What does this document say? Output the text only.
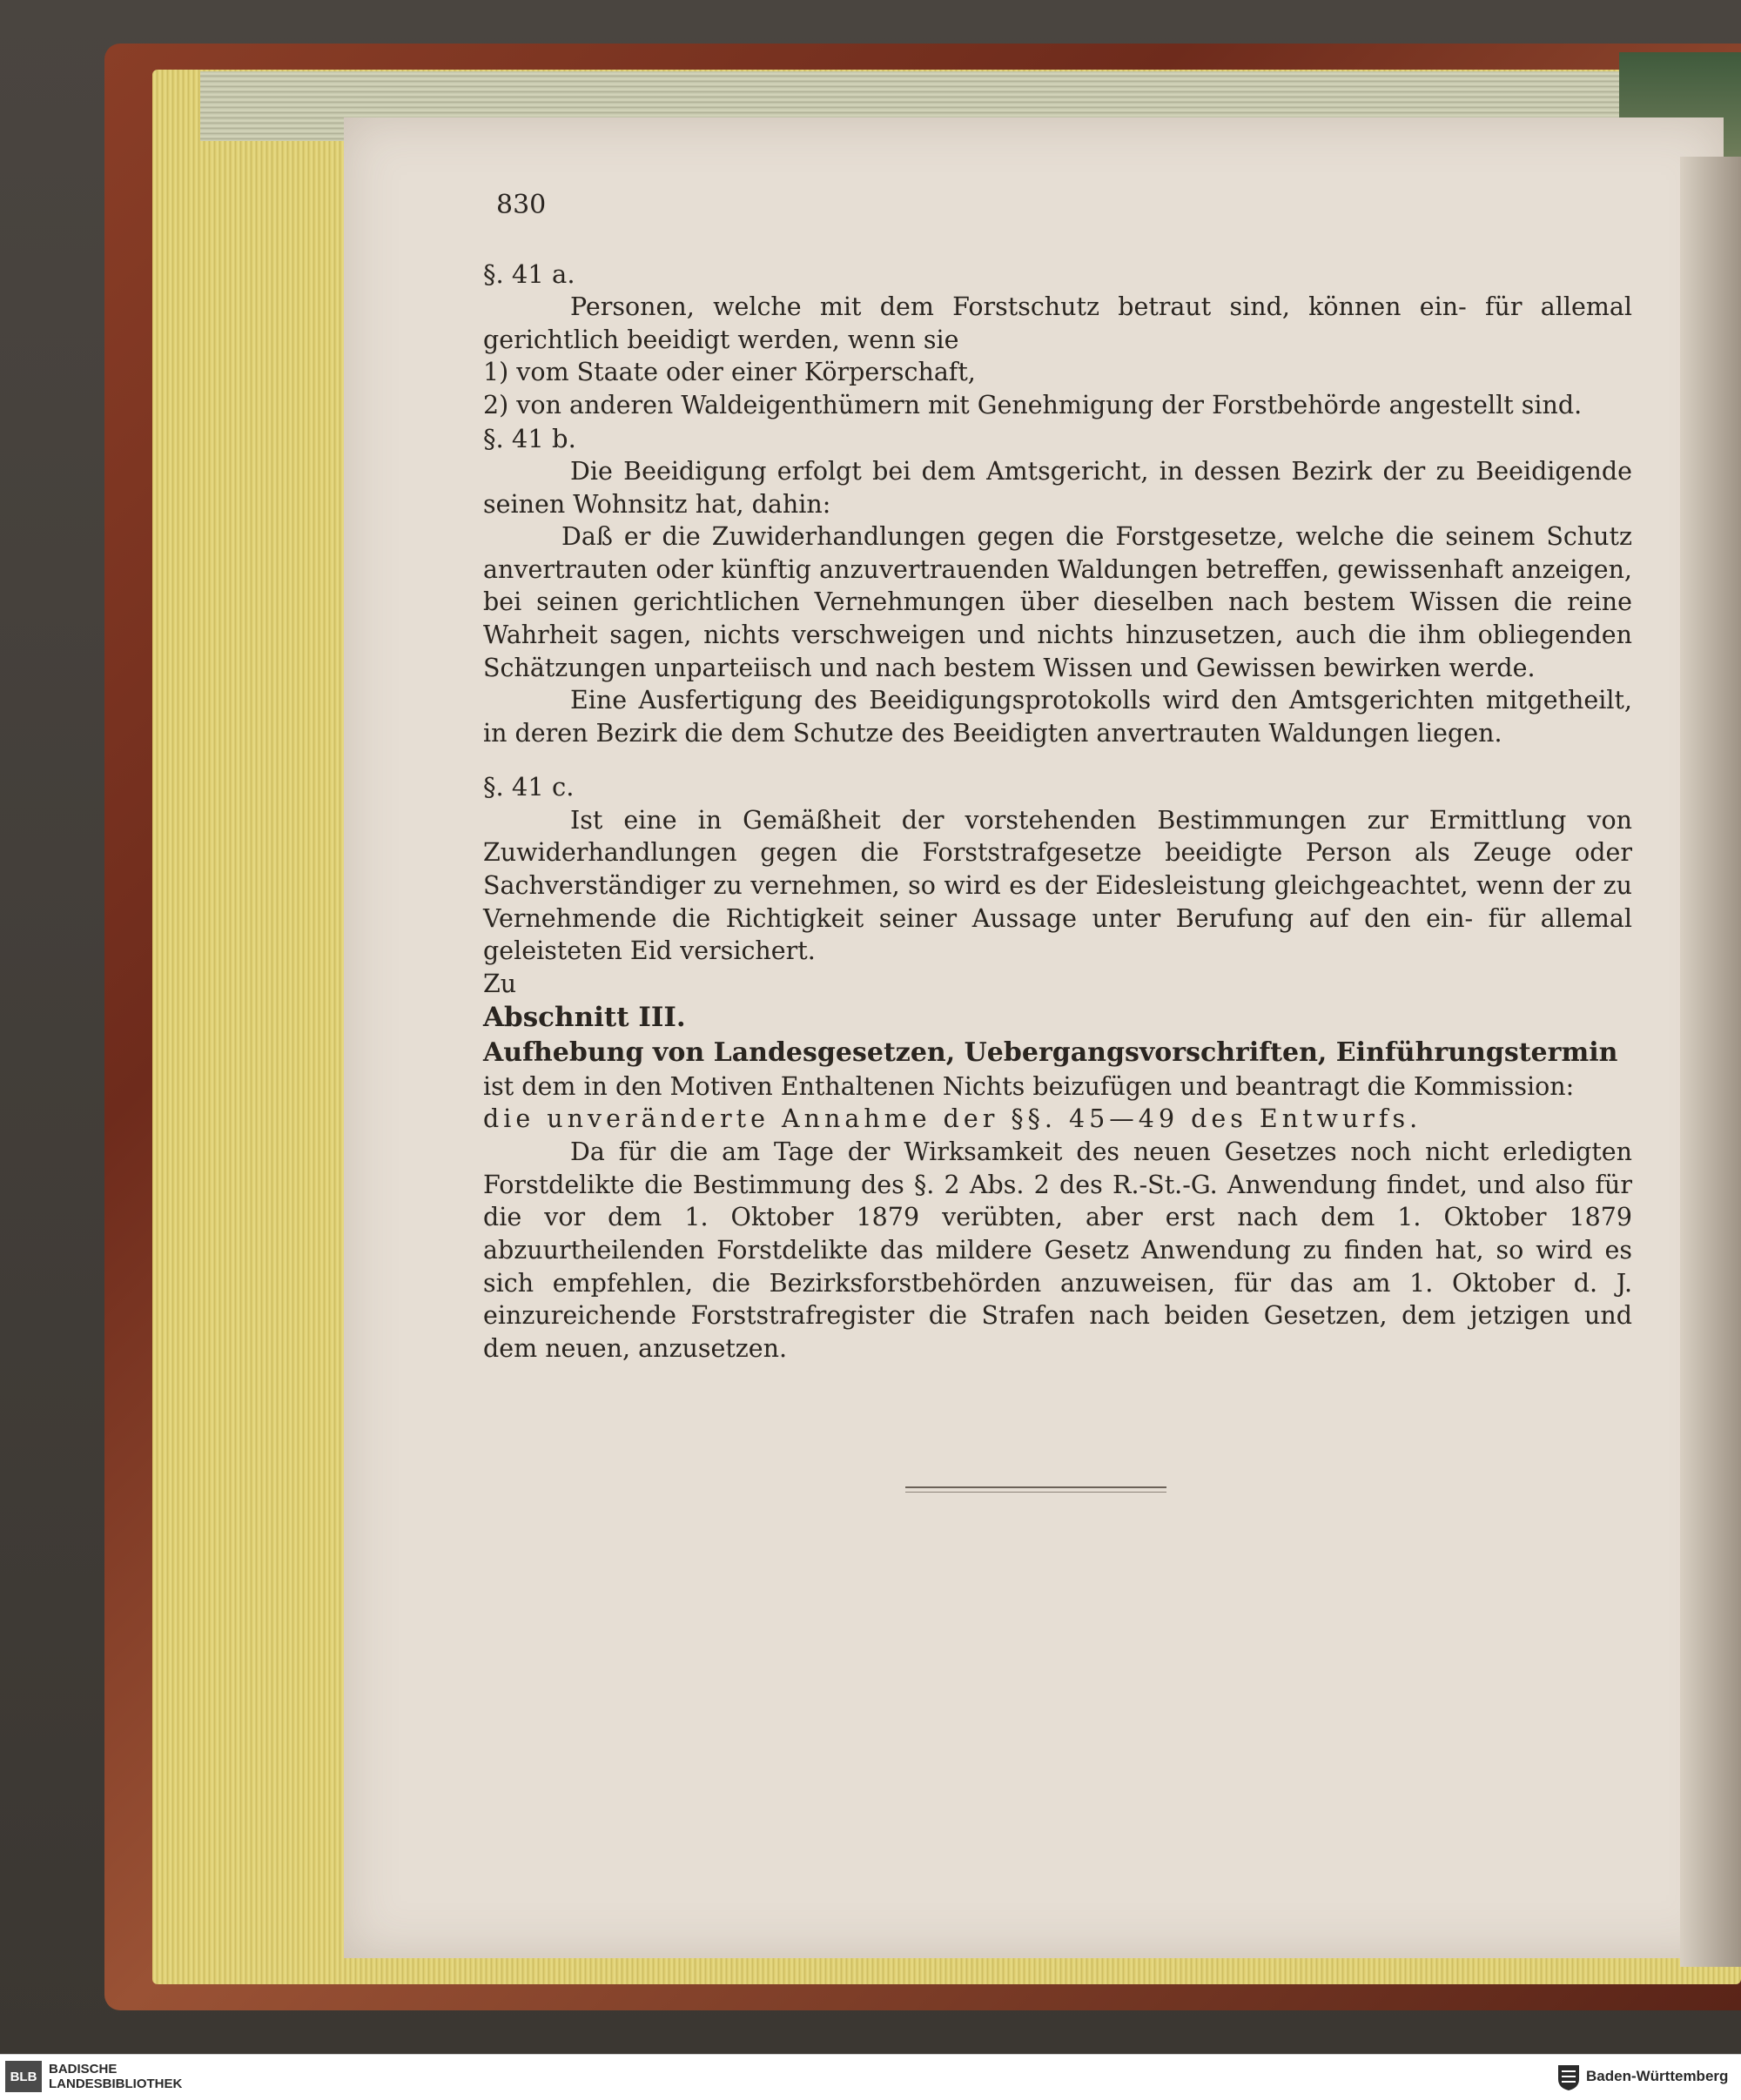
830

§. 41 a.

Personen, welche mit dem Forstschutz betraut sind, können ein- für allemal gerichtlich beeidigt werden, wenn sie

1) vom Staate oder einer Körperschaft,

2) von anderen Waldeigenthümern mit Genehmigung der Forstbehörde angestellt sind.

§. 41 b.

Die Beeidigung erfolgt bei dem Amtsgericht, in dessen Bezirk der zu Beeidigende seinen Wohnsitz hat, dahin:

Daß er die Zuwiderhandlungen gegen die Forstgesetze, welche die seinem Schutz anvertrauten oder künftig anzuvertrauenden Waldungen betreffen, gewissenhaft anzeigen, bei seinen gerichtlichen Vernehmungen über dieselben nach bestem Wissen die reine Wahrheit sagen, nichts verschweigen und nichts hinzusetzen, auch die ihm obliegenden Schätzungen unparteiisch und nach bestem Wissen und Gewissen bewirken werde.

Eine Ausfertigung des Beeidigungsprotokolls wird den Amtsgerichten mitgetheilt, in deren Bezirk die dem Schutze des Beeidigten anvertrauten Waldungen liegen.

§. 41 c.

Ist eine in Gemäßheit der vorstehenden Bestimmungen zur Ermittlung von Zuwiderhandlungen gegen die Forststrafgesetze beeidigte Person als Zeuge oder Sachverständiger zu vernehmen, so wird es der Eidesleistung gleichgeachtet, wenn der zu Vernehmende die Richtigkeit seiner Aussage unter Berufung auf den ein- für allemal geleisteten Eid versichert.

Zu

Abschnitt III.

Aufhebung von Landesgesetzen, Uebergangsvorschriften, Einführungstermin

ist dem in den Motiven Enthaltenen Nichts beizufügen und beantragt die Kommission:

die unveränderte Annahme der §§. 45—49 des Entwurfs.

Da für die am Tage der Wirksamkeit des neuen Gesetzes noch nicht erledigten Forstdelikte die Bestimmung des §. 2 Abs. 2 des R.-St.-G. Anwendung findet, und also für die vor dem 1. Oktober 1879 verübten, aber erst nach dem 1. Oktober 1879 abzuurtheilenden Forstdelikte das mildere Gesetz Anwendung zu finden hat, so wird es sich empfehlen, die Bezirksforstbehörden anzuweisen, für das am 1. Oktober d. J. einzureichende Forststrafregister die Strafen nach beiden Gesetzen, dem jetzigen und dem neuen, anzusetzen.

BLB BADISCHE
LANDESBIBLIOTHEK	Baden-Württemberg
